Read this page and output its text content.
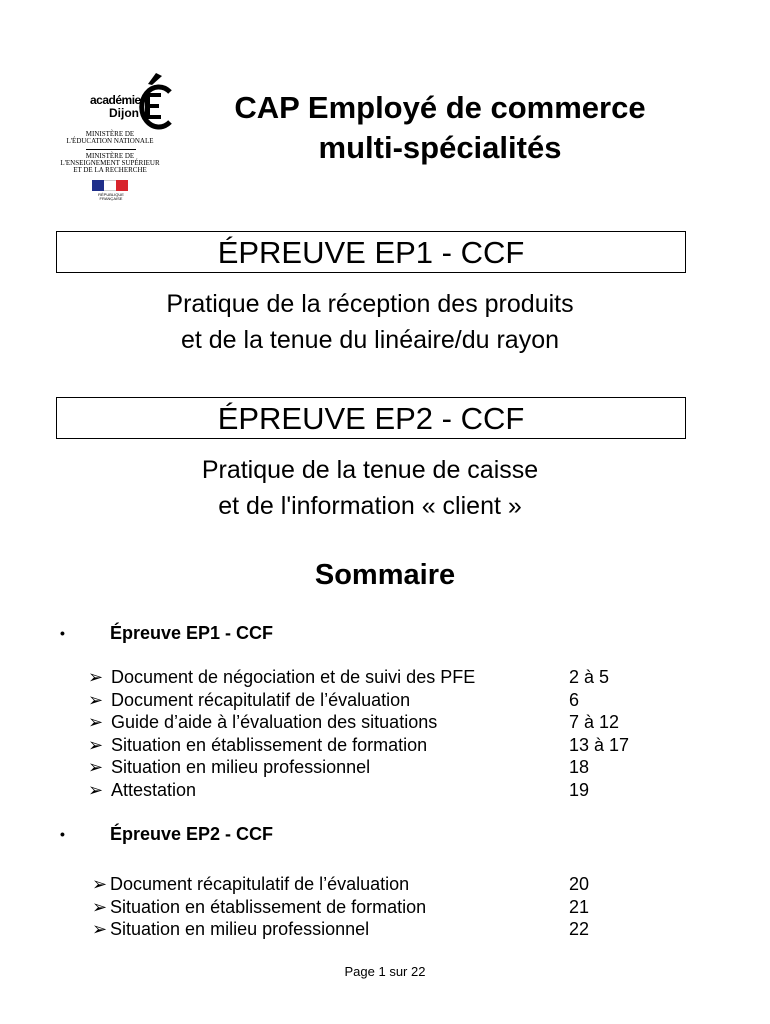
académie
Dijon
MINISTÈRE DE
L'ÉDUCATION NATIONALE
MINISTÈRE DE
L'ENSEIGNEMENT SUPÉRIEUR
ET DE LA RECHERCHE
RÉPUBLIQUE FRANÇAISE
CAP Employé de commerce
multi-spécialités
ÉPREUVE EP1 - CCF
Pratique de la réception des produits
et de la tenue du linéaire/du rayon
ÉPREUVE EP2 - CCF
Pratique de la tenue de caisse
et de l'information « client »
Sommaire
•	Épreuve EP1 - CCF
➢ Document de négociation et de suivi des PFE	2 à 5
➢ Document récapitulatif de l’évaluation	6
➢ Guide d’aide à l’évaluation des situations	7 à 12
➢ Situation en établissement de formation	13 à 17
➢ Situation en milieu professionnel	18
➢ Attestation	19
•	Épreuve EP2 - CCF
➢ Document récapitulatif de l’évaluation	20
➢ Situation en établissement de formation	21
➢ Situation en milieu professionnel	22
Page 1 sur 22
